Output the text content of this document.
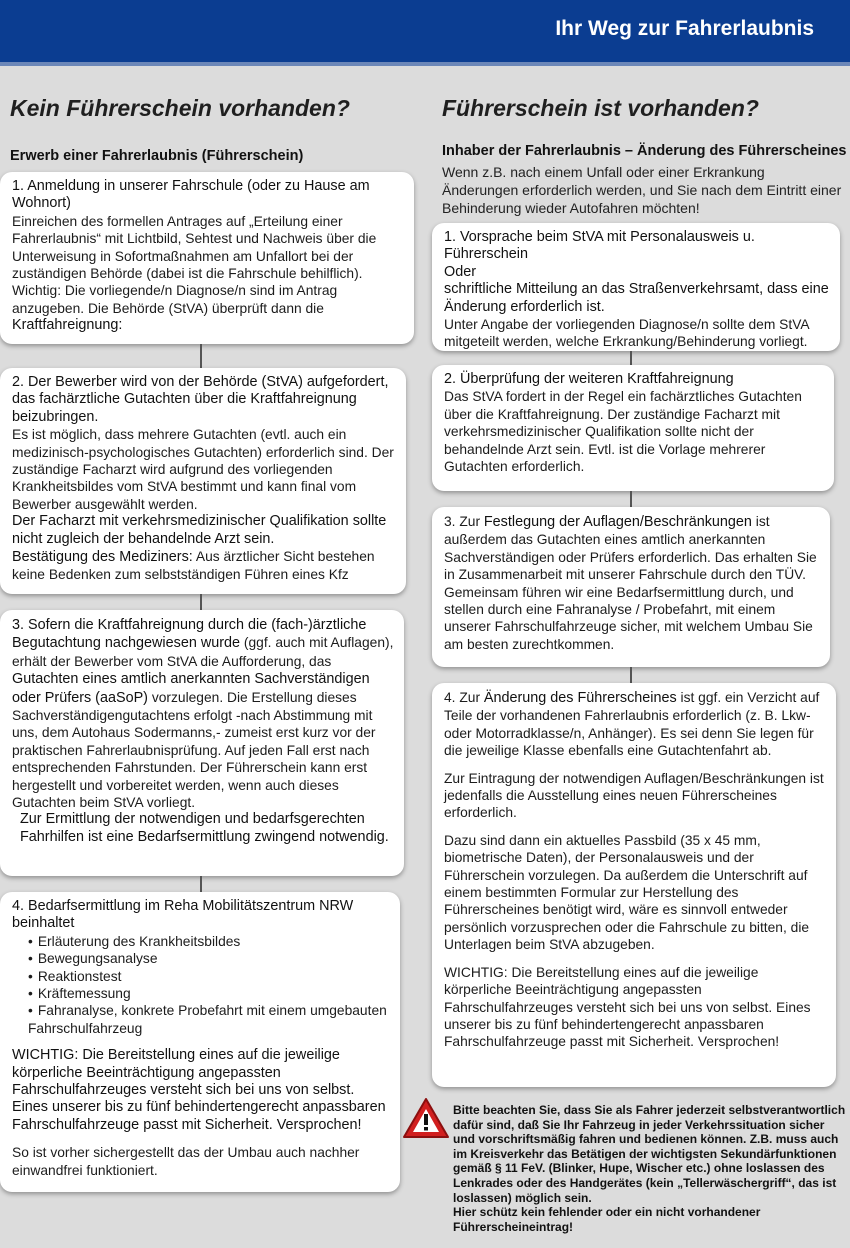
Ihr Weg zur Fahrerlaubnis
Kein Führerschein vorhanden?	Führerschein ist vorhanden?
Erwerb einer Fahrerlaubnis (Führerschein)

1. Anmeldung in unserer Fahrschule (oder zu Hause am Wohnort)

Einreichen des formellen Antrages auf „Erteilung einer Fahrerlaubnis“ mit Lichtbild, Sehtest und Nachweis über die Unterweisung in Sofortmaßnahmen am Unfallort bei der zuständigen Behörde (dabei ist die Fahrschule behilflich). Wichtig: Die vorliegende/n Diagnose/n sind im Antrag anzugeben. Die Behörde (StVA) überprüft dann die

Kraftfahreignung:

2. Der Bewerber wird von der Behörde (StVA) aufgefordert, das fachärztliche Gutachten über die Kraftfahreignung beizubringen.

Es ist möglich, dass mehrere Gutachten (evtl. auch ein medizinisch-psychologisches Gutachten) erforderlich sind. Der zuständige Facharzt wird aufgrund des vorliegenden Krankheitsbildes vom StVA bestimmt und kann final vom Bewerber ausgewählt werden.

Der Facharzt mit verkehrsmedizinischer Qualifikation sollte nicht zugleich der behandelnde Arzt sein.

Bestätigung des Mediziners: Aus ärztlicher Sicht bestehen keine Bedenken zum selbstständigen Führen eines Kfz

3. Sofern die Kraftfahreignung durch die (fach-)ärztliche Begutachtung nachgewiesen wurde (ggf. auch mit Auflagen), erhält der Bewerber vom StVA die Aufforderung, das Gutachten eines amtlich anerkannten Sachverständigen oder Prüfers (aaSoP) vorzulegen. Die Erstellung dieses Sachverständigengutachtens erfolgt -nach Abstimmung mit uns, dem Autohaus Sodermanns,- zumeist erst kurz vor der praktischen Fahrerlaubnisprüfung. Auf jeden Fall erst nach entsprechenden Fahrstunden. Der Führerschein kann erst hergestellt und vorbereitet werden, wenn auch dieses Gutachten beim StVA vorliegt.

Zur Ermittlung der notwendigen und bedarfsgerechten Fahrhilfen ist eine Bedarfsermittlung zwingend notwendig.

4. Bedarfsermittlung im Reha Mobilitätszentrum NRW beinhaltet

• Erläuterung des Krankheitsbildes
• Bewegungsanalyse
• Reaktionstest
• Kräftemessung
• Fahranalyse, konkrete Probefahrt mit einem umgebauten Fahrschulfahrzeug

WICHTIG: Die Bereitstellung eines auf die jeweilige körperliche Beeinträchtigung angepassten Fahrschulfahrzeuges versteht sich bei uns von selbst.

Eines unserer bis zu fünf behindertengerecht anpassbaren Fahrschulfahrzeuge passt mit Sicherheit. Versprochen!

So ist vorher sichergestellt das der Umbau auch nachher einwandfrei funktioniert.

Inhaber der Fahrerlaubnis – Änderung des Führerscheines
Wenn z.B. nach einem Unfall oder einer Erkrankung Änderungen erforderlich werden, und Sie nach dem Eintritt einer Behinderung wieder Autofahren möchten!

1. Vorsprache beim StVA mit Personalausweis u. Führerschein

Oder

schriftliche Mitteilung an das Straßenverkehrsamt, dass eine Änderung erforderlich ist.

Unter Angabe der vorliegenden Diagnose/n sollte dem StVA mitgeteilt werden, welche Erkrankung/Behinderung vorliegt.

2. Überprüfung der weiteren Kraftfahreignung

Das StVA fordert in der Regel ein fachärztliches Gutachten über die Kraftfahreignung. Der zuständige Facharzt mit verkehrsmedizinischer Qualifikation sollte nicht der behandelnde Arzt sein. Evtl. ist die Vorlage mehrerer Gutachten erforderlich.

3. Zur Festlegung der Auflagen/Beschränkungen ist außerdem das Gutachten eines amtlich anerkannten Sachverständigen oder Prüfers erforderlich. Das erhalten Sie in Zusammenarbeit mit unserer Fahrschule durch den TÜV. Gemeinsam führen wir eine Bedarfsermittlung durch, und stellen durch eine Fahranalyse / Probefahrt, mit einem unserer Fahrschulfahrzeuge sicher, mit welchem Umbau Sie am besten zurechtkommen.

4. Zur Änderung des Führerscheines ist ggf. ein Verzicht auf Teile der vorhandenen Fahrerlaubnis erforderlich (z. B. Lkw- oder Motorradklasse/n, Anhänger). Es sei denn Sie legen für die jeweilige Klasse ebenfalls eine Gutachtenfahrt ab.

Zur Eintragung der notwendigen Auflagen/Beschränkungen ist jedenfalls die Ausstellung eines neuen Führerscheines erforderlich.

Dazu sind dann ein aktuelles Passbild (35 x 45 mm, biometrische Daten), der Personalausweis und der Führerschein vorzulegen. Da außerdem die Unterschrift auf einem bestimmten Formular zur Herstellung des Führerscheines benötigt wird, wäre es sinnvoll entweder persönlich vorzusprechen oder die Fahrschule zu bitten, die Unterlagen beim StVA abzugeben.

WICHTIG: Die Bereitstellung eines auf die jeweilige körperliche Beeinträchtigung angepassten Fahrschulfahrzeuges versteht sich bei uns von selbst. Eines unserer bis zu fünf behindertengerecht anpassbaren Fahrschulfahrzeuge passt mit Sicherheit. Versprochen!

Bitte beachten Sie, dass Sie als Fahrer jederzeit selbstverantwortlich dafür sind, daß Sie Ihr Fahrzeug in jeder Verkehrssituation sicher und vorschriftsmäßig fahren und bedienen können. Z.B. muss auch im Kreisverkehr das Betätigen der wichtigsten Sekundärfunktionen gemäß § 11 FeV. (Blinker, Hupe, Wischer etc.) ohne loslassen des Lenkrades oder des Handgerätes (kein „Tellerwäschergriff“, das ist loslassen) möglich sein.

Hier schütz kein fehlender oder ein nicht vorhandener Führerscheineintrag!
